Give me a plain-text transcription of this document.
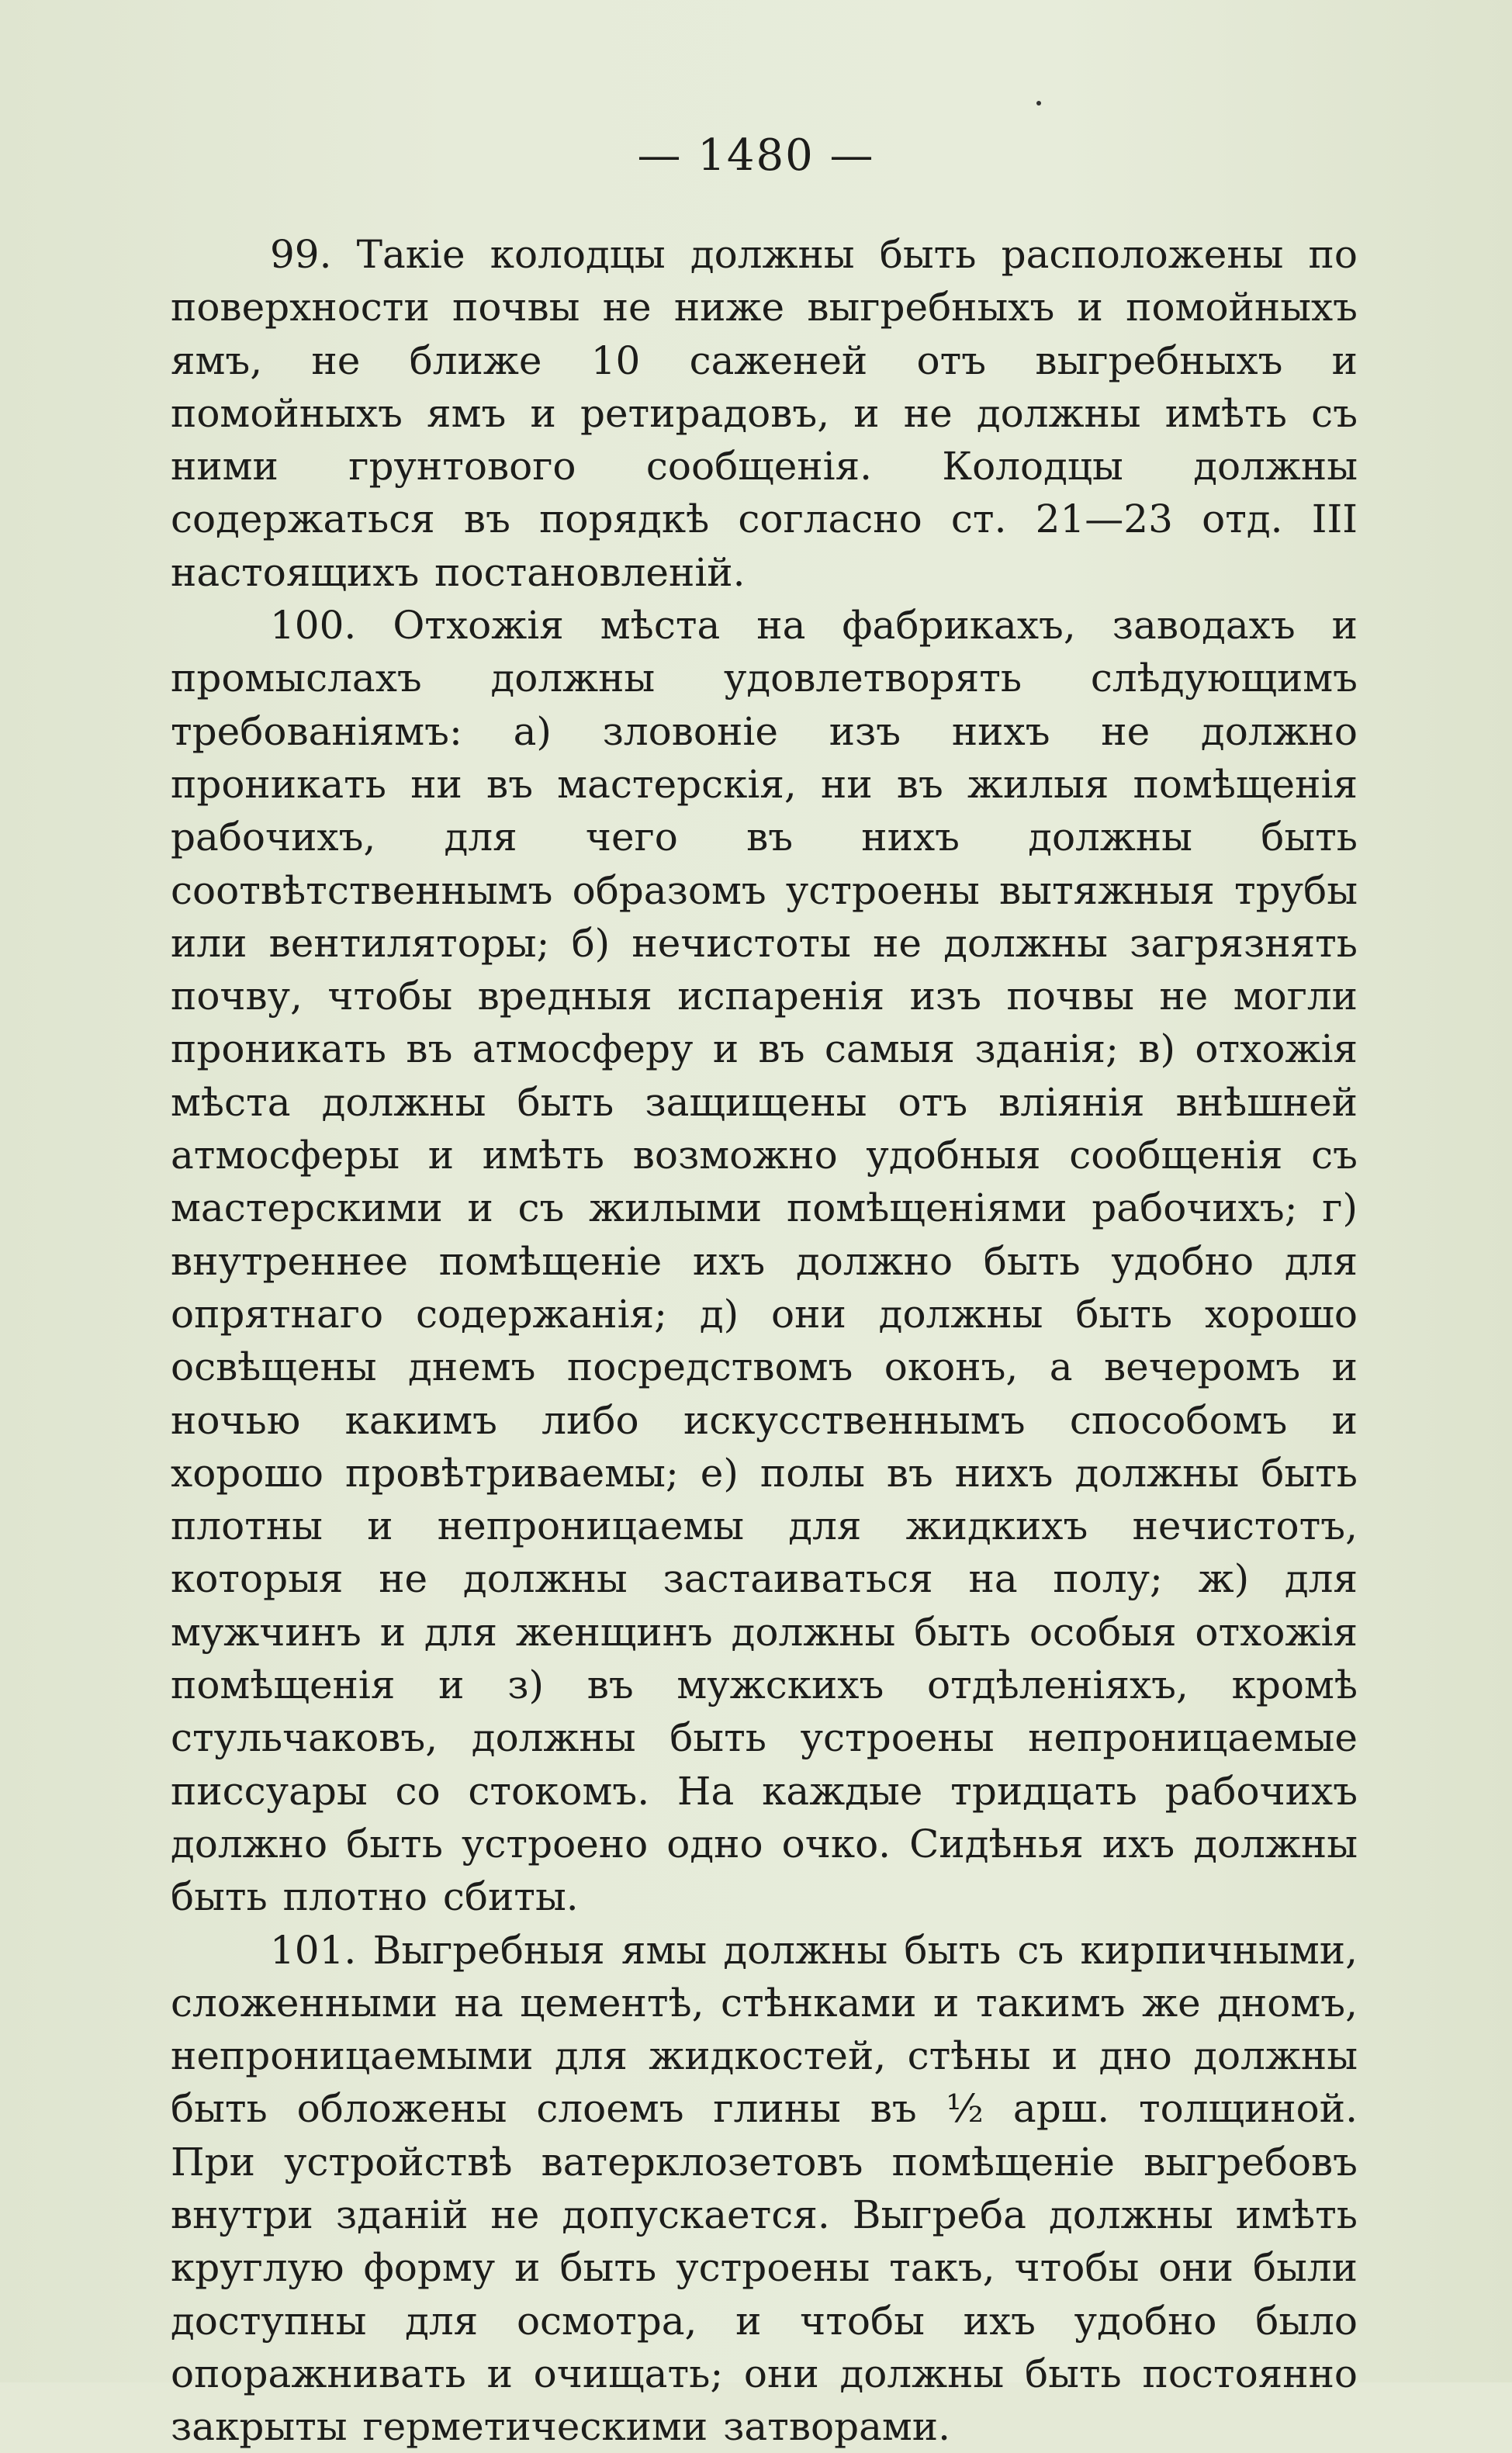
— 1480 —

99. Такіе колодцы должны быть расположены по поверхности почвы не ниже выгребныхъ и помойныхъ ямъ, не ближе 10 саженей отъ выгребныхъ и помойныхъ ямъ и ретирадовъ, и не должны имѣть съ ними грунтового сообщенія. Колодцы должны содержаться въ порядкѣ согласно ст. 21—23 отд. III настоящихъ постановленій.

100. Отхожія мѣста на фабрикахъ, заводахъ и промыслахъ должны удовлетворять слѣдующимъ требованіямъ: а) зловоніе изъ нихъ не должно проникать ни въ мастерскія, ни въ жилыя помѣщенія рабочихъ, для чего въ нихъ должны быть соотвѣтственнымъ образомъ устроены вытяжныя трубы или вентиляторы; б) нечистоты не должны загрязнять почву, чтобы вредныя испаренія изъ почвы не могли проникать въ атмосферу и въ самыя зданія; в) отхожія мѣста должны быть защищены отъ вліянія внѣшней атмосферы и имѣть возможно удобныя сообщенія съ мастерскими и съ жилыми помѣщеніями рабочихъ; г) внутреннее помѣщеніе ихъ должно быть удобно для опрятнаго содержанія; д) они должны быть хорошо освѣщены днемъ посредствомъ оконъ, а вечеромъ и ночью какимъ либо искусственнымъ способомъ и хорошо провѣтриваемы; е) полы въ нихъ должны быть плотны и непроницаемы для жидкихъ нечистотъ, которыя не должны застаиваться на полу; ж) для мужчинъ и для женщинъ должны быть особыя отхожія помѣщенія и з) въ мужскихъ отдѣленіяхъ, кромѣ стульчаковъ, должны быть устроены непроницаемые писсуары со стокомъ. На каждые тридцать рабочихъ должно быть устроено одно очко. Сидѣнья ихъ должны быть плотно сбиты.

101. Выгребныя ямы должны быть съ кирпичными, сложенными на цементѣ, стѣнками и такимъ же дномъ, непроницаемыми для жидкостей, стѣны и дно должны быть обложены слоемъ глины въ ½ арш. толщиной. При устройствѣ ватерклозетовъ помѣщеніе выгребовъ внутри зданій не допускается. Выгреба должны имѣть круглую форму и быть устроены такъ, чтобы они были доступны для осмотра, и чтобы ихъ удобно было опоражнивать и очищать; они должны быть постоянно закрыты герметическими затворами.
